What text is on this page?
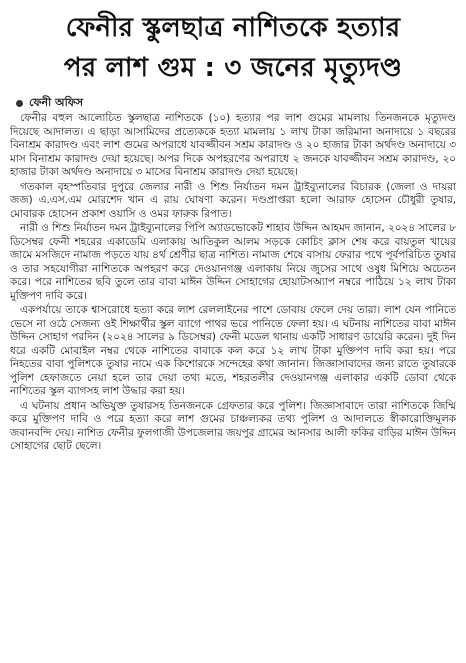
ফেনীর স্কুলছাত্র নাশিতকে হত্যার
পর লাশ গুম : ৩ জনের মৃত্যুদণ্ড
ফেনী অফিস

ফেনীর বহুল আলোচিত স্কুলছাত্র নাশিতকে (১০) হত্যার পর লাশ গুমের মামলায় তিনজনকে মৃত্যুদণ্ড দিয়েছে আদালত। এ ছাড়া আসামিদের প্রত্যেককে হত্যা মামলায় ১ লাখ টাকা জরিমানা অনাদায়ে ১ বছরের বিনাশ্রম কারাদণ্ড এবং লাশ গুমের অপরাধে যাবজ্জীবন সশ্রম কারাদণ্ড ও ২০ হাজার টাকা অর্থদণ্ড অনাদায়ে ৩ মাস বিনাশ্রম কারাদণ্ড দেয়া হয়েছে। অপর দিকে অপহরণের অপরাধে ২ জনকে যাবজ্জীবন সশ্রম কারাদণ্ড, ২০ হাজার টাকা অর্থদণ্ড অনাদায়ে ৩ মাসের বিনাশ্রম কারাদণ্ড দেয়া হয়েছে।

গতকাল বৃহস্পতিবার দুপুরে জেলার নারী ও শিশু নির্যাতন দমন ট্রাইব্যুনালের বিচারক (জেলা ও দায়রা জজ) এ.এস.এম মোরশেদ খান এ রায় ঘোষণা করেন। দণ্ডপ্রাপ্তরা হলো আরাফ হোসেন চৌধুরী তুষার, মোবারক হোসেন প্রকাশ ওয়াসি ও ওমর ফারুক রিপাত।

নারী ও শিশু নির্যাতন দমন ট্রাইব্যুনালের পিপি অ্যাডভোকেট শাহাব উদ্দিন আহমদ জানান, ২০২৪ সালের ৮ ডিসেম্বর ফেনী শহরের একাডেমি এলাকায় আতিকুল আলম সড়কে কোচিং ক্লাস শেষ করে বায়তুল খায়ের জামে মসজিদে নামাজ পড়তে যায় ৪র্থ শ্রেণীর ছাত্র নাশিত। নামাজ শেষে বাসায় ফেরার পথে পূর্বপরিচিত তুষার ও তার সহযোগীরা নাশিতকে অপহরণ করে দেওয়ানগঞ্জ এলাকায় নিয়ে জুসের সাথে ওষুধ মিশিয়ে অচেতন করে। পরে নাশিতের ছবি তুলে তার বাবা মাঈন উদ্দিন সোহাগের হোয়াটসঅ্যাপ নম্বরে পাঠিয়ে ১২ লাখ টাকা মুক্তিপণ দাবি করে।

একপর্যায়ে তাকে শ্বাসরোধে হত্যা করে লাশ রেললাইনের পাশে ডোবায় ফেলে দেয় তারা। লাশ যেন পানিতে ভেসে না ওঠে সেজন্য ওই শিক্ষার্থীর স্কুল ব্যাগে পাথর ভরে পানিতে ফেলা হয়। এ ঘটনায় নাশিতের বাবা মাঈন উদ্দিন সোহাগ পরদিন (২০২৪ সালের ৯ ডিসেম্বর) ফেনী মডেল থানায় একটি সাধারণ ডায়েরি করেন। দুই দিন ধরে একটি মোবাইল নম্বর থেকে নাশিতের বাবাকে কল করে ১২ লাখ টাকা মুক্তিপণ দাবি করা হয়। পরে নিহতের বাবা পুলিশকে তুষার নামে এক কিশোরকে সন্দেহের কথা জানান। জিজ্ঞাসাবাদের জন্য রাতে তুষারকে পুলিশ হেফাজতে নেয়া হলে তার দেয়া তথ্য মতে, শহরতলীর দেওয়ানগঞ্জ এলাকার একটি ডোবা থেকে নাশিতের স্কুল ব্যাগসহ লাশ উদ্ধার করা হয়।

এ ঘটনায় প্রধান অভিযুক্ত তুষারসহ তিনজনকে গ্রেফতার করে পুলিশ। জিজ্ঞাসাবাদে তারা নাশিতকে জিম্মি করে মুক্তিপণ দাবি ও পরে হত্যা করে লাশ গুমের চাঞ্চল্যকর তথ্য পুলিশ ও আদালতে স্বীকারোক্তিমূলক জবানবন্দি দেয়। নাশিত ফেনীর ফুলগাজী উপজেলার জয়পুর গ্রামের আনসার আলী ফকির বাড়ির মাঈন উদ্দিন সোহাগের ছোট ছেলে।
